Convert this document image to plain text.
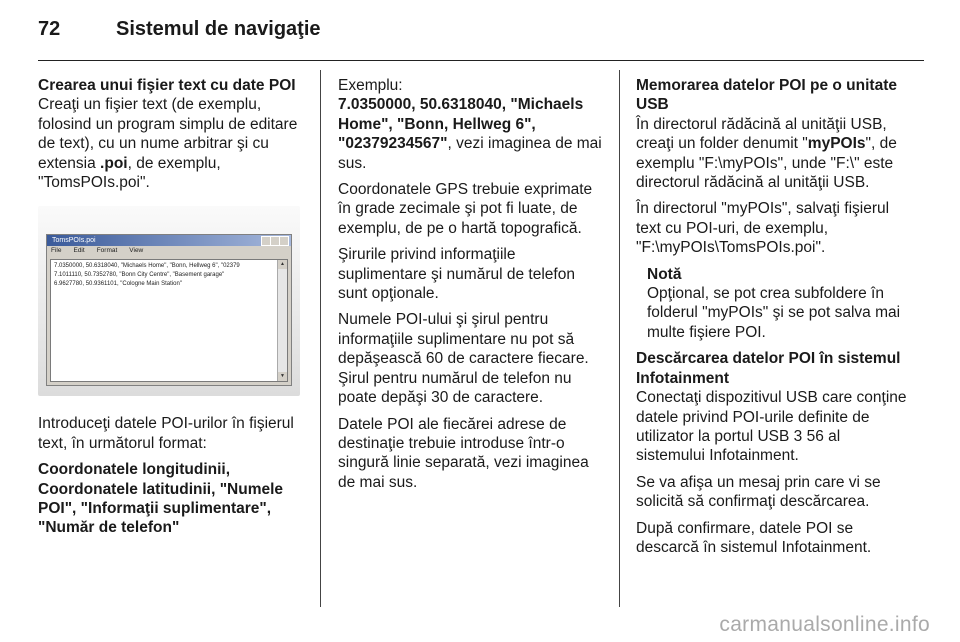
72	Sistemul de navigaţie
Crearea unui fişier text cu date POI

Creaţi un fişier text (de exemplu, folosind un program simplu de editare de text), cu un nume arbitrar şi cu extensia .poi, de exemplu, "TomsPOIs.poi".

TomsPOIs.poi
File Edit Format View
7.0350000, 50.6318040, "Michaels Home", "Bonn, Hellweg 6", "02379
7.1011110, 50.7352780, "Bonn City Centre", "Basement garage"
6.9627780, 50.9361101, "Cologne Main Station"
▲
▼

Introduceţi datele POI-urilor în fişierul text, în următorul format:

Coordonatele longitudinii, Coordonatele latitudinii, "Numele POI", "Informaţii suplimentare", "Număr de telefon"

Exemplu:

7.0350000, 50.6318040, "Michaels Home", "Bonn, Hellweg 6", "02379234567", vezi imaginea de mai sus.

Coordonatele GPS trebuie exprimate în grade zecimale şi pot fi luate, de exemplu, de pe o hartă topografică.

Şirurile privind informaţiile suplimentare şi numărul de telefon sunt opţionale.

Numele POI-ului şi şirul pentru informaţiile suplimentare nu pot să depăşească 60 de caractere fiecare. Şirul pentru numărul de telefon nu poate depăşi 30 de caractere.

Datele POI ale fiecărei adrese de destinaţie trebuie introduse într-o singură linie separată, vezi imaginea de mai sus.

Memorarea datelor POI pe o unitate USB

În directorul rădăcină al unităţii USB, creaţi un folder denumit "myPOIs", de exemplu "F:\myPOIs", unde "F:\" este directorul rădăcină al unităţii USB.

În directorul "myPOIs", salvaţi fişierul text cu POI-uri, de exemplu, "F:\myPOIs\TomsPOIs.poi".

Notă

Opţional, se pot crea subfoldere în folderul "myPOIs" şi se pot salva mai multe fişiere POI.

Descărcarea datelor POI în sistemul Infotainment

Conectaţi dispozitivul USB care conţine datele privind POI-urile definite de utilizator la portul USB 3 56 al sistemului Infotainment.

Se va afişa un mesaj prin care vi se solicită să confirmaţi descărcarea.

După confirmare, datele POI se descarcă în sistemul Infotainment.

carmanualsonline.info
